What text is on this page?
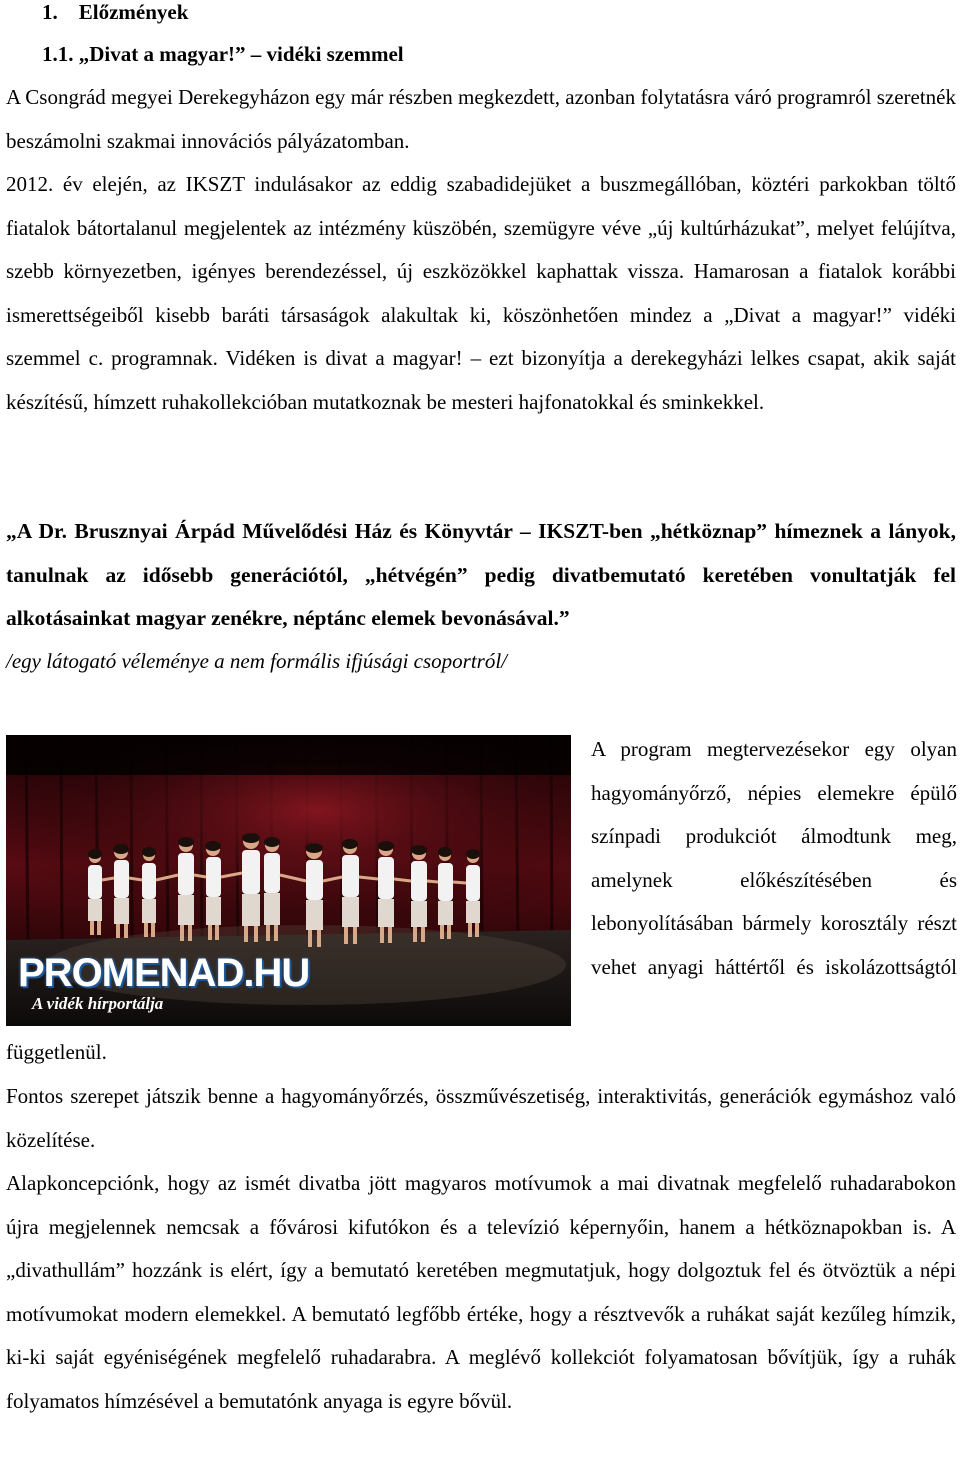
1. Előzmények
1.1. „Divat a magyar!” – vidéki szemmel

A Csongrád megyei Derekegyházon egy már részben megkezdett, azonban folytatásra váró programról szeretnék beszámolni szakmai innovációs pályázatomban.

2012. év elején, az IKSZT indulásakor az eddig szabadidejüket a buszmegállóban, köztéri parkokban töltő fiatalok bátortalanul megjelentek az intézmény küszöbén, szemügyre véve „új kultúrházukat”, melyet felújítva, szebb környezetben, igényes berendezéssel, új eszközökkel kaphattak vissza. Hamarosan a fiatalok korábbi ismerettségeiből kisebb baráti társaságok alakultak ki, köszönhetően mindez a „Divat a magyar!” vidéki szemmel c. programnak. Vidéken is divat a magyar! – ezt bizonyítja a derekegyházi lelkes csapat, akik saját készítésű, hímzett ruhakollekcióban mutatkoznak be mesteri hajfonatokkal és sminkekkel.

„A Dr. Brusznyai Árpád Művelődési Ház és Könyvtár – IKSZT-ben „hétköznap” hímeznek a lányok, tanulnak az idősebb generációtól, „hétvégén” pedig divatbemutató keretében vonultatják fel alkotásainkat magyar zenékre, néptánc elemek bevonásával.”

/egy látogató véleménye a nem formális ifjúsági csoportról/

PROMENAD.HU
A vidék hírportálja

A program megtervezésekor egy olyan hagyományőrző, népies elemekre épülő színpadi produkciót álmodtunk meg, amelynek előkészítésében és lebonyolításában bármely korosztály részt vehet anyagi háttértől és iskolázottságtól

függetlenül.

Fontos szerepet játszik benne a hagyományőrzés, összművészetiség, interaktivitás, generációk egymáshoz való közelítése.

Alapkoncepciónk, hogy az ismét divatba jött magyaros motívumok a mai divatnak megfelelő ruhadarabokon újra megjelennek nemcsak a fővárosi kifutókon és a televízió képernyőin, hanem a hétköznapokban is. A „divathullám” hozzánk is elért, így a bemutató keretében megmutatjuk, hogy dolgoztuk fel és ötvöztük a népi motívumokat modern elemekkel. A bemutató legfőbb értéke, hogy a résztvevők a ruhákat saját kezűleg hímzik, ki-ki saját egyéniségének megfelelő ruhadarabra. A meglévő kollekciót folyamatosan bővítjük, így a ruhák folyamatos hímzésével a bemutatónk anyaga is egyre bővül.
